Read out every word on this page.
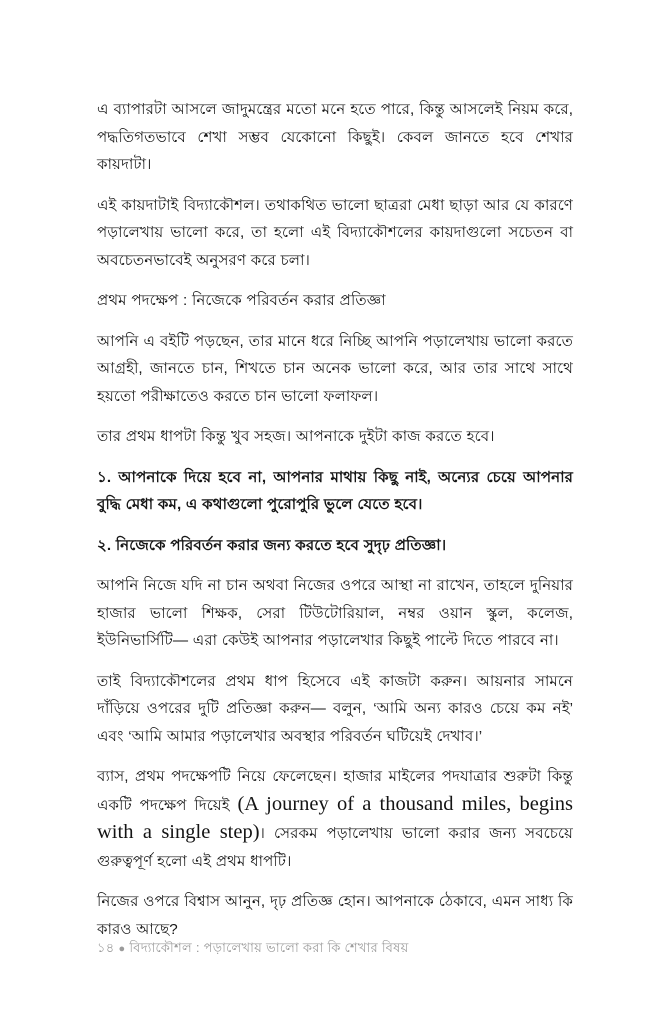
এ ব্যাপারটা আসলে জাদুমন্ত্রের মতো মনে হতে পারে, কিন্তু আসলেই নিয়ম করে, পদ্ধতিগতভাবে শেখা সম্ভব যেকোনো কিছুই। কেবল জানতে হবে শেখার কায়দাটা।

এই কায়দাটাই বিদ্যাকৌশল। তথাকথিত ভালো ছাত্ররা মেধা ছাড়া আর যে কারণে পড়ালেখায় ভালো করে, তা হলো এই বিদ্যাকৌশলের কায়দাগুলো সচেতন বা অবচেতনভাবেই অনুসরণ করে চলা।

প্রথম পদক্ষেপ : নিজেকে পরিবর্তন করার প্রতিজ্ঞা

আপনি এ বইটি পড়ছেন, তার মানে ধরে নিচ্ছি আপনি পড়ালেখায় ভালো করতে আগ্রহী, জানতে চান, শিখতে চান অনেক ভালো করে, আর তার সাথে সাথে হয়তো পরীক্ষাতেও করতে চান ভালো ফলাফল।

তার প্রথম ধাপটা কিন্তু খুব সহজ। আপনাকে দুইটা কাজ করতে হবে।

১. আপনাকে দিয়ে হবে না, আপনার মাথায় কিছু নাই, অন্যের চেয়ে আপনার বুদ্ধি মেধা কম, এ কথাগুলো পুরোপুরি ভুলে যেতে হবে।

২. নিজেকে পরিবর্তন করার জন্য করতে হবে সুদৃঢ় প্রতিজ্ঞা।

আপনি নিজে যদি না চান অথবা নিজের ওপরে আস্থা না রাখেন, তাহলে দুনিয়ার হাজার ভালো শিক্ষক, সেরা টিউটোরিয়াল, নম্বর ওয়ান স্কুল, কলেজ, ইউনিভার্সিটি— এরা কেউই আপনার পড়ালেখার কিছুই পাল্টে দিতে পারবে না।

তাই বিদ্যাকৌশলের প্রথম ধাপ হিসেবে এই কাজটা করুন। আয়নার সামনে দাঁড়িয়ে ওপরের দুটি প্রতিজ্ঞা করুন— বলুন, ‘আমি অন্য কারও চেয়ে কম নই’ এবং ‘আমি আমার পড়ালেখার অবস্থার পরিবর্তন ঘটিয়েই দেখাব।’

ব্যাস, প্রথম পদক্ষেপটি নিয়ে ফেলেছেন। হাজার মাইলের পদযাত্রার শুরুটা কিন্তু একটি পদক্ষেপ দিয়েই (A journey of a thousand miles, begins with a single step)। সেরকম পড়ালেখায় ভালো করার জন্য সবচেয়ে গুরুত্বপূর্ণ হলো এই প্রথম ধাপটি।

নিজের ওপরে বিশ্বাস আনুন, দৃঢ় প্রতিজ্ঞ হোন। আপনাকে ঠেকাবে, এমন সাধ্য কি কারও আছে?

১৪ ● বিদ্যাকৌশল : পড়ালেখায় ভালো করা কি শেখার বিষয়
